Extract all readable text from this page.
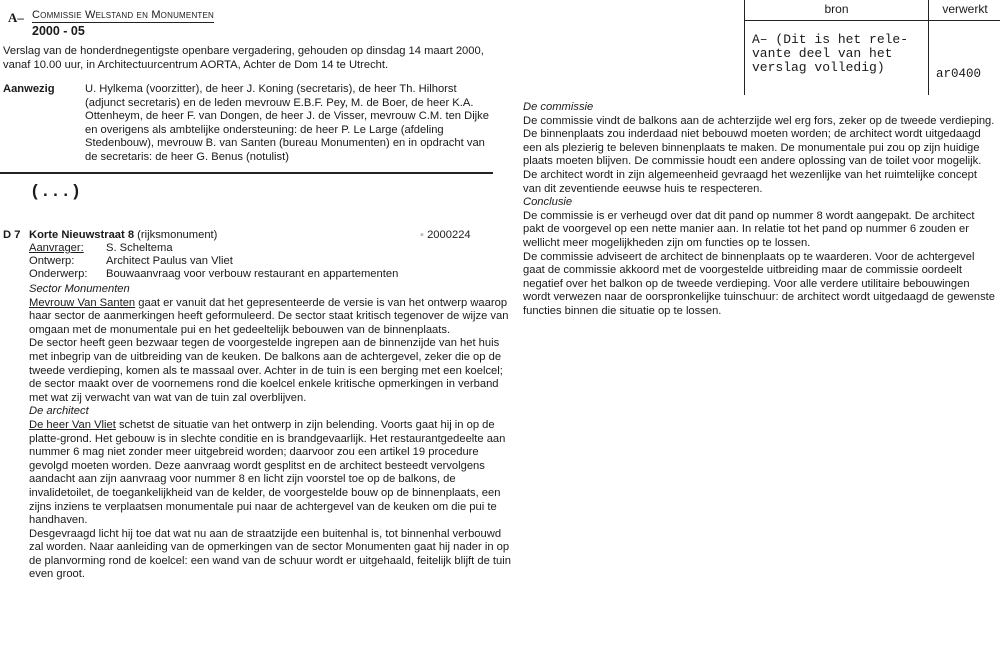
A– Commissie Welstand en Monumenten
2000 - 05
Verslag van de honderdnegentigste openbare vergadering, gehouden op dinsdag 14 maart 2000, vanaf 10.00 uur, in Architectuurcentrum AORTA, Achter de Dom 14 te Utrecht.
Aanwezig	U. Hylkema (voorzitter), de heer J. Koning (secretaris), de heer Th. Hilhorst (adjunct secretaris) en de leden mevrouw E.B.F. Pey, M. de Boer, de heer K.A. Ottenheym, de heer F. van Dongen, de heer J. de Visser, mevrouw C.M. ten Dijke en overigens als ambtelijke ondersteuning: de heer P. Le Large (afdeling Stedenbouw), mevrouw B. van Santen (bureau Monumenten) en in opdracht van de secretaris: de heer G. Benus (notulist)
(...)
D 7 Korte Nieuwstraat 8 (rijksmonument)	▪ 2000224
Aanvrager: S. Scheltema
Ontwerp:	Architect Paulus van Vliet
Onderwerp: Bouwaanvraag voor verbouw restaurant en appartementen

Sector Monumenten

Mevrouw Van Santen gaat er vanuit dat het gepresenteerde de versie is van het ontwerp waarop haar sector de aanmerkingen heeft geformuleerd. De sector staat kritisch tegenover de wijze van omgaan met de monumentale pui en het gedeeltelijk bebouwen van de binnenplaats.

De sector heeft geen bezwaar tegen de voorgestelde ingrepen aan de binnenzijde van het huis met inbegrip van de uitbreiding van de keuken. De balkons aan de achtergevel, zeker die op de tweede verdieping, komen als te massaal over. Achter in de tuin is een berging met een koelcel; de sector maakt over de voornemens rond die koelcel enkele kritische opmerkingen in verband met wat zij verwacht van wat van de tuin zal overblijven.

De architect

De heer Van Vliet schetst de situatie van het ontwerp in zijn belending. Voorts gaat hij in op de platte-grond. Het gebouw is in slechte conditie en is brandgevaarlijk. Het restaurantgedeelte aan nummer 6 mag niet zonder meer uitgebreid worden; daarvoor zou een artikel 19 procedure gevolgd moeten worden. Deze aanvraag wordt gesplitst en de architect besteedt vervolgens aandacht aan zijn aanvraag voor nummer 8 en licht zijn voorstel toe op de balkons, de invalidetoilet, de toegankelijkheid van de kelder, de voorgestelde bouw op de binnenplaats, een zijns inziens te verplaatsen monumentale pui naar de achtergevel van de keuken om die pui te handhaven.

Desgevraagd licht hij toe dat wat nu aan de straatzijde een buitenhal is, tot binnenhal verbouwd zal worden. Naar aanleiding van de opmerkingen van de sector Monumenten gaat hij nader in op de planvorming rond de koelcel: een wand van de schuur wordt er uitgehaald, feitelijk blijft de tuin even groot.

bron	verwerkt
A– (Dit is het rele-vante deel van het verslag volledig)	ar0400

De commissie

De commissie vindt de balkons aan de achterzijde wel erg fors, zeker op de tweede verdieping. De binnenplaats zou inderdaad niet bebouwd moeten worden; de architect wordt uitgedaagd een als plezierig te beleven binnenplaats te maken. De monumentale pui zou op zijn huidige plaats moeten blijven. De commissie houdt een andere oplossing van de toilet voor mogelijk.

De architect wordt in zijn algemeenheid gevraagd het wezenlijke van het ruimtelijke concept van dit zeventiende eeuwse huis te respecteren.

Conclusie

De commissie is er verheugd over dat dit pand op nummer 8 wordt aangepakt. De architect pakt de voorgevel op een nette manier aan. In relatie tot het pand op nummer 6 zouden er wellicht meer mogelijkheden zijn om functies op te lossen.

De commissie adviseert de architect de binnenplaats op te waarderen. Voor de achtergevel gaat de commissie akkoord met de voorgestelde uitbreiding maar de commissie oordeelt negatief over het balkon op de tweede verdieping. Voor alle verdere utilitaire bebouwingen wordt verwezen naar de oorspronkelijke tuinschuur: de architect wordt uitgedaagd de gewenste functies binnen die situatie op te lossen.
